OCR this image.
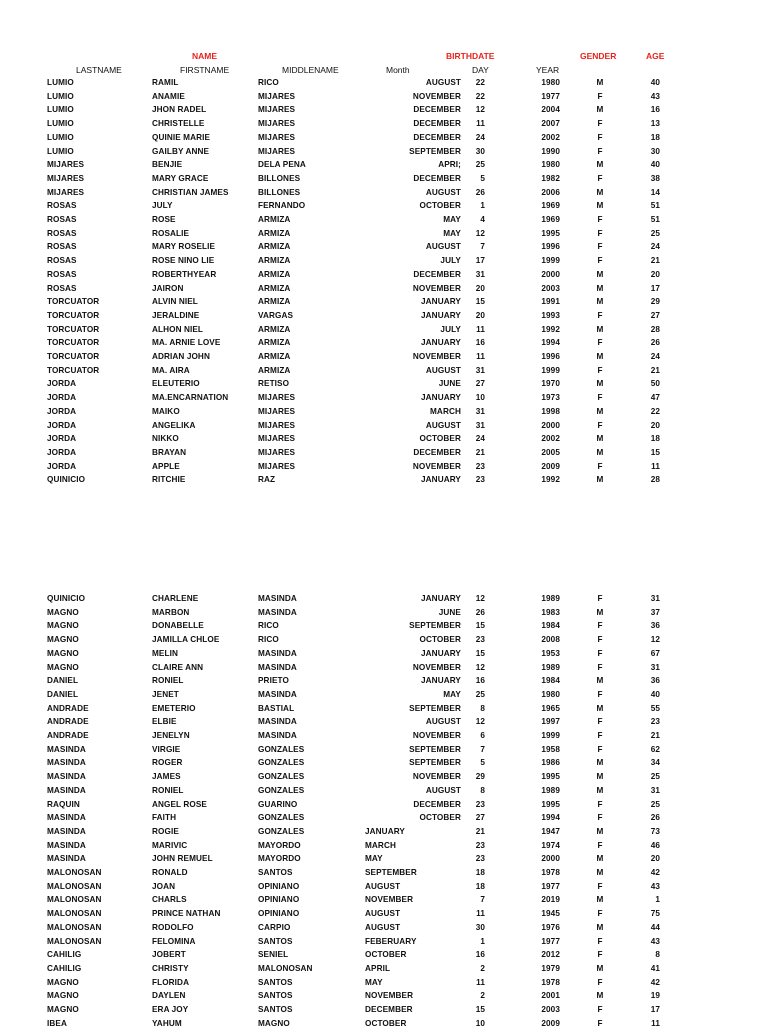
NAME	BIRTHDATE	GENDER	AGE
LASTNAME	FIRSTNAME	MIDDLENAME	Month	DAY	YEAR
LUMIO	RAMIL	RICO	AUGUST	22	1980	M	40
LUMIO	ANAMIE	MIJARES	NOVEMBER	22	1977	F	43
LUMIO	JHON RADEL	MIJARES	DECEMBER	12	2004	M	16
LUMIO	CHRISTELLE	MIJARES	DECEMBER	11	2007	F	13
LUMIO	QUINIE MARIE	MIJARES	DECEMBER	24	2002	F	18
LUMIO	GAILBY ANNE	MIJARES	SEPTEMBER	30	1990	F	30
MIJARES	BENJIE	DELA PENA	APRI;	25	1980	M	40
MIJARES	MARY GRACE	BILLONES	DECEMBER	5	1982	F	38
MIJARES	CHRISTIAN JAMES	BILLONES	AUGUST	26	2006	M	14
ROSAS	JULY	FERNANDO	OCTOBER	1	1969	M	51
ROSAS	ROSE	ARMIZA	MAY	4	1969	F	51
ROSAS	ROSALIE	ARMIZA	MAY	12	1995	F	25
ROSAS	MARY ROSELIE	ARMIZA	AUGUST	7	1996	F	24
ROSAS	ROSE NINO LIE	ARMIZA	JULY	17	1999	F	21
ROSAS	ROBERTHYEAR	ARMIZA	DECEMBER	31	2000	M	20
ROSAS	JAIRON	ARMIZA	NOVEMBER	20	2003	M	17
TORCUATOR	ALVIN NIEL	ARMIZA	JANUARY	15	1991	M	29
TORCUATOR	JERALDINE	VARGAS	JANUARY	20	1993	F	27
TORCUATOR	ALHON NIEL	ARMIZA	JULY	11	1992	M	28
TORCUATOR	MA. ARNIE LOVE	ARMIZA	JANUARY	16	1994	F	26
TORCUATOR	ADRIAN JOHN	ARMIZA	NOVEMBER	11	1996	M	24
TORCUATOR	MA. AIRA	ARMIZA	AUGUST	31	1999	F	21
JORDA	ELEUTERIO	RETISO	JUNE	27	1970	M	50
JORDA	MA.ENCARNATION	MIJARES	JANUARY	10	1973	F	47
JORDA	MAIKO	MIJARES	MARCH	31	1998	M	22
JORDA	ANGELIKA	MIJARES	AUGUST	31	2000	F	20
JORDA	NIKKO	MIJARES	OCTOBER	24	2002	M	18
JORDA	BRAYAN	MIJARES	DECEMBER	21	2005	M	15
JORDA	APPLE	MIJARES	NOVEMBER	23	2009	F	11
QUINICIO	RITCHIE	RAZ	JANUARY	23	1992	M	28
QUINICIO	CHARLENE	MASINDA	JANUARY	12	1989	F	31
MAGNO	MARBON	MASINDA	JUNE	26	1983	M	37
MAGNO	DONABELLE	RICO	SEPTEMBER	15	1984	F	36
MAGNO	JAMILLA CHLOE	RICO	OCTOBER	23	2008	F	12
MAGNO	MELIN	MASINDA	JANUARY	15	1953	F	67
MAGNO	CLAIRE ANN	MASINDA	NOVEMBER	12	1989	F	31
DANIEL	RONIEL	PRIETO	JANUARY	16	1984	M	36
DANIEL	JENET	MASINDA	MAY	25	1980	F	40
ANDRADE	EMETERIO	BASTIAL	SEPTEMBER	8	1965	M	55
ANDRADE	ELBIE	MASINDA	AUGUST	12	1997	F	23
ANDRADE	JENELYN	MASINDA	NOVEMBER	6	1999	F	21
MASINDA	VIRGIE	GONZALES	SEPTEMBER	7	1958	F	62
MASINDA	ROGER	GONZALES	SEPTEMBER	5	1986	M	34
MASINDA	JAMES	GONZALES	NOVEMBER	29	1995	M	25
MASINDA	RONIEL	GONZALES	AUGUST	8	1989	M	31
RAQUIN	ANGEL ROSE	GUARINO	DECEMBER	23	1995	F	25
MASINDA	FAITH	GONZALES	OCTOBER	27	1994	F	26
MASINDA	ROGIE	GONZALES	JANUARY	21	1947	M	73
MASINDA	MARIVIC	MAYORDO	MARCH	23	1974	F	46
MASINDA	JOHN REMUEL	MAYORDO	MAY	23	2000	M	20
MALONOSAN	RONALD	SANTOS	SEPTEMBER	18	1978	M	42
MALONOSAN	JOAN	OPINIANO	AUGUST	18	1977	F	43
MALONOSAN	CHARLS	OPINIANO	NOVEMBER	7	2019	M	1
MALONOSAN	PRINCE NATHAN	OPINIANO	AUGUST	11	1945	F	75
MALONOSAN	RODOLFO	CARPIO	AUGUST	30	1976	M	44
MALONOSAN	FELOMINA	SANTOS	FEBERUARY	1	1977	F	43
CAHILIG	JOBERT	SENIEL	OCTOBER	16	2012	F	8
CAHILIG	CHRISTY	MALONOSAN	APRIL	2	1979	M	41
MAGNO	FLORIDA	SANTOS	MAY	11	1978	F	42
MAGNO	DAYLEN	SANTOS	NOVEMBER	2	2001	M	19
MAGNO	ERA JOY	SANTOS	DECEMBER	15	2003	F	17
IBEA	YAHUM	MAGNO	OCTOBER	10	2009	F	11
